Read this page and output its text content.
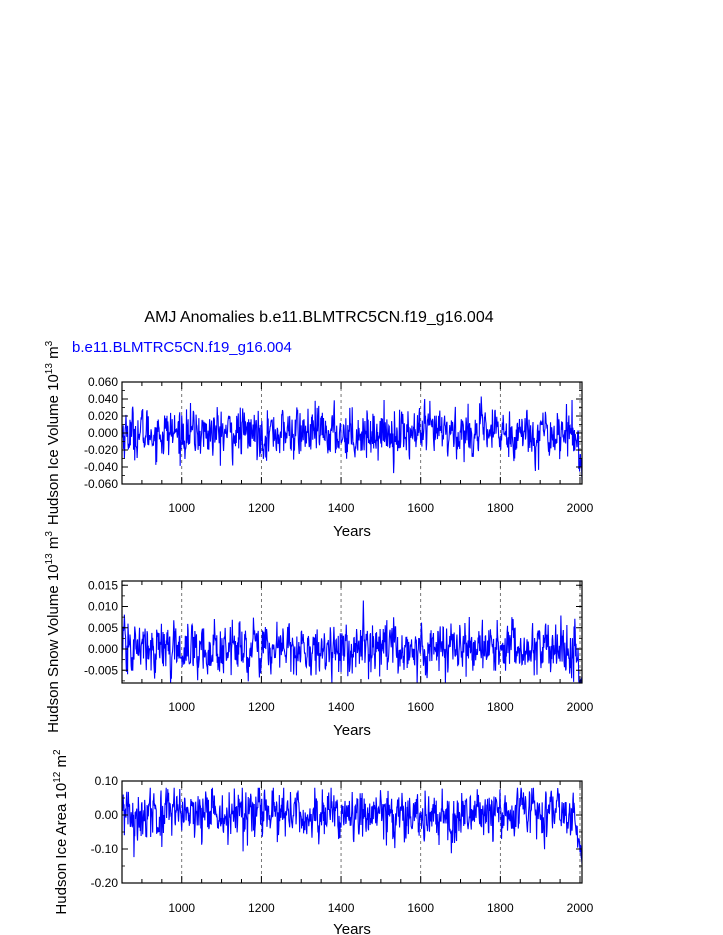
AMJ Anomalies b.e11.BLMTRC5CN.f19_g16.004
b.e11.BLMTRC5CN.f19_g16.004
1000	1200	1400	1600	1800	2000
-0.060
-0.040
-0.020
0.000
0.020
0.040
0.060
Years
Hudson Ice Volume $10^{13}$ $m^3$
1000	1200	1400	1600	1800	2000
-0.005
0.000
0.005
0.010
0.015
Years
Hudson Snow Volume $10^{13}$ $m^3$
1000	1200	1400	1600	1800	2000
-0.20
-0.10
0.00
0.10
Years
Hudson Ice Area $10^{12}$ $m^2$
